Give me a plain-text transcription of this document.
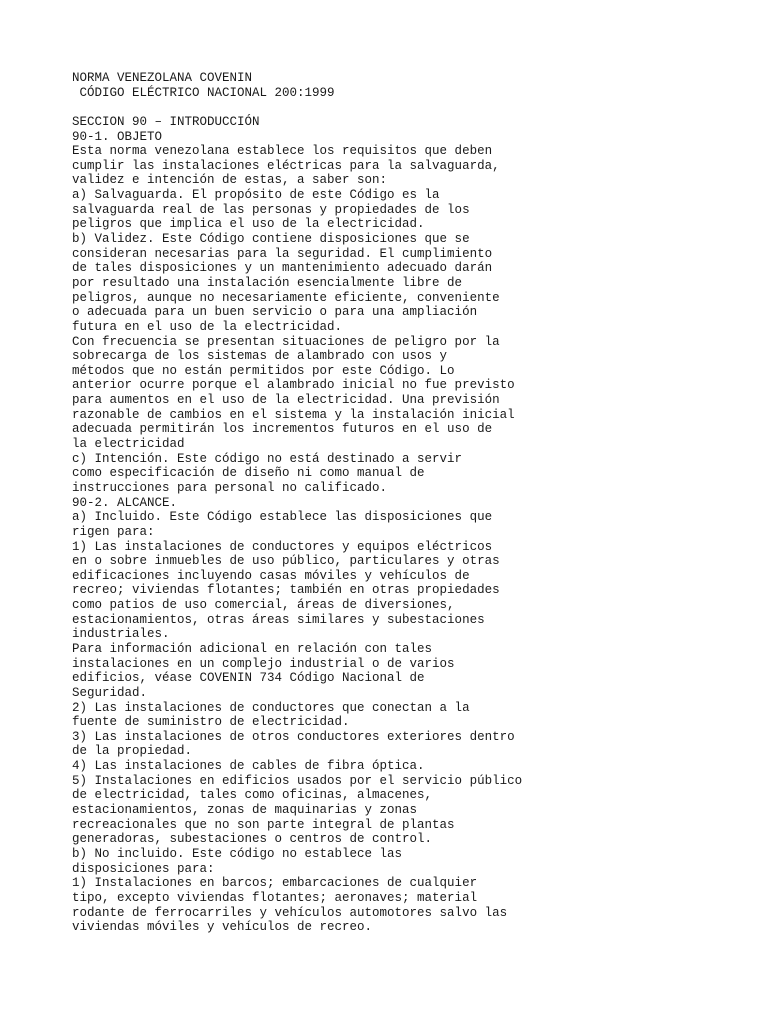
NORMA VENEZOLANA COVENIN
CÓDIGO ELÉCTRICO NACIONAL 200:1999
SECCION 90 – INTRODUCCIÓN
90-1. OBJETO
Esta norma venezolana establece los requisitos que deben
cumplir las instalaciones eléctricas para la salvaguarda,
validez e intención de estas, a saber son:
a) Salvaguarda. El propósito de este Código es la
salvaguarda real de las personas y propiedades de los
peligros que implica el uso de la electricidad.
b) Validez. Este Código contiene disposiciones que se
consideran necesarias para la seguridad. El cumplimiento
de tales disposiciones y un mantenimiento adecuado darán
por resultado una instalación esencialmente libre de
peligros, aunque no necesariamente eficiente, conveniente
o adecuada para un buen servicio o para una ampliación
futura en el uso de la electricidad.
Con frecuencia se presentan situaciones de peligro por la
sobrecarga de los sistemas de alambrado con usos y
métodos que no están permitidos por este Código. Lo
anterior ocurre porque el alambrado inicial no fue previsto
para aumentos en el uso de la electricidad. Una previsión
razonable de cambios en el sistema y la instalación inicial
adecuada permitirán los incrementos futuros en el uso de
la electricidad
c) Intención. Este código no está destinado a servir
como especificación de diseño ni como manual de
instrucciones para personal no calificado.
90-2. ALCANCE.
a) Incluido. Este Código establece las disposiciones que
rigen para:
1) Las instalaciones de conductores y equipos eléctricos
en o sobre inmuebles de uso público, particulares y otras
edificaciones incluyendo casas móviles y vehículos de
recreo; viviendas flotantes; también en otras propiedades
como patios de uso comercial, áreas de diversiones,
estacionamientos, otras áreas similares y subestaciones
industriales.
Para información adicional en relación con tales
instalaciones en un complejo industrial o de varios
edificios, véase COVENIN 734 Código Nacional de
Seguridad.
2) Las instalaciones de conductores que conectan a la
fuente de suministro de electricidad.
3) Las instalaciones de otros conductores exteriores dentro
de la propiedad.
4) Las instalaciones de cables de fibra óptica.
5) Instalaciones en edificios usados por el servicio público
de electricidad, tales como oficinas, almacenes,
estacionamientos, zonas de maquinarias y zonas
recreacionales que no son parte integral de plantas
generadoras, subestaciones o centros de control.
b) No incluido. Este código no establece las
disposiciones para:
1) Instalaciones en barcos; embarcaciones de cualquier
tipo, excepto viviendas flotantes; aeronaves; material
rodante de ferrocarriles y vehículos automotores salvo las
viviendas móviles y vehículos de recreo.
